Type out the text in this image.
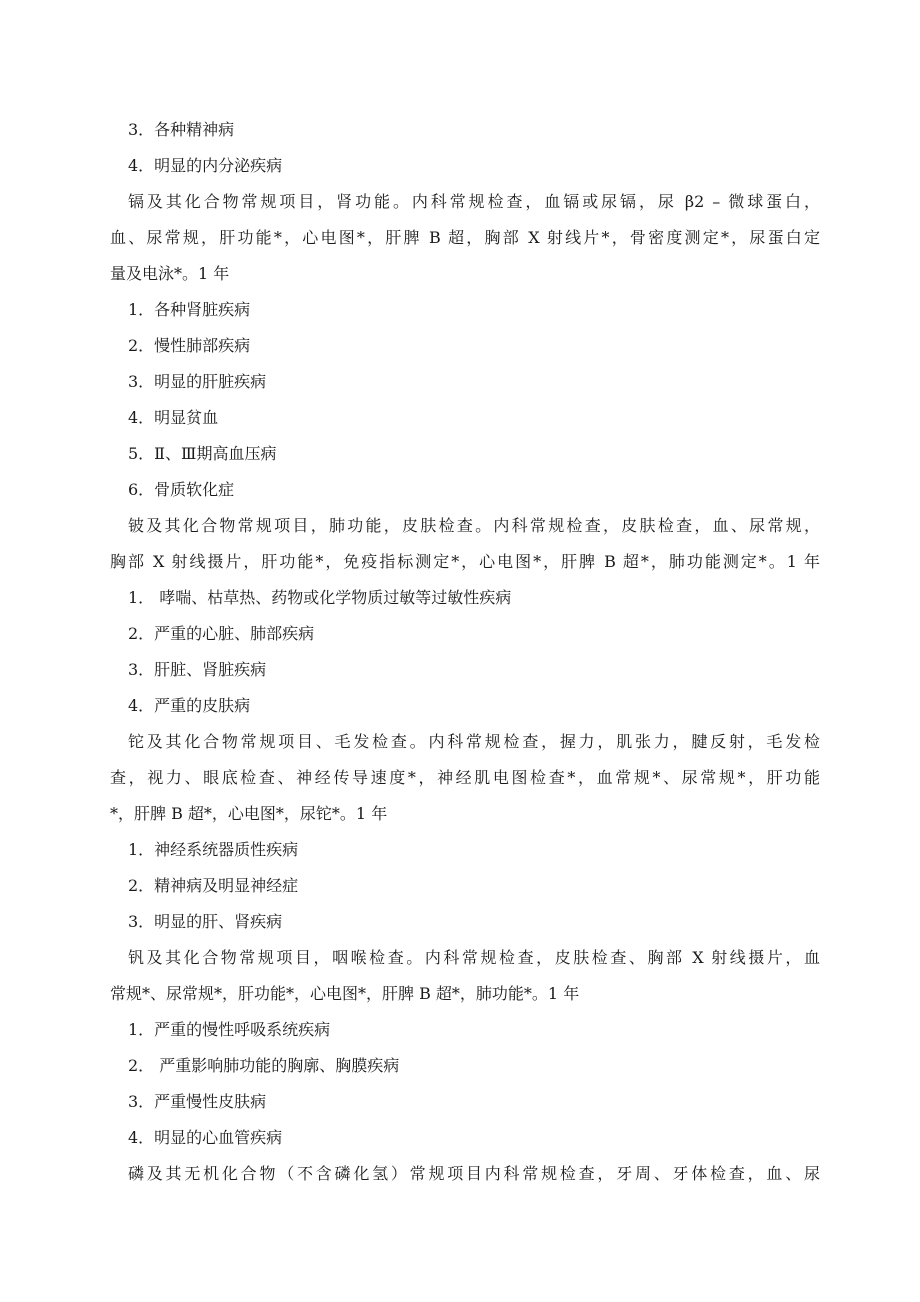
3．各种精神病
4．明显的内分泌疾病
镉及其化合物常规项目，肾功能。内科常规检查，血镉或尿镉，尿 β2 – 微球蛋白，
血、尿常规，肝功能*，心电图*，肝脾 B 超，胸部 X 射线片*，骨密度测定*，尿蛋白定
量及电泳*。1 年
1．各种肾脏疾病
2．慢性肺部疾病
3．明显的肝脏疾病
4．明显贫血
5．Ⅱ、Ⅲ期高血压病
6．骨质软化症
铍及其化合物常规项目，肺功能，皮肤检查。内科常规检查，皮肤检查，血、尿常规，
胸部 X 射线摄片，肝功能*，免疫指标测定*，心电图*，肝脾 B 超*，肺功能测定*。1 年
1． 哮喘、枯草热、药物或化学物质过敏等过敏性疾病
2．严重的心脏、肺部疾病
3．肝脏、肾脏疾病
4．严重的皮肤病
铊及其化合物常规项目、毛发检查。内科常规检查，握力，肌张力，腱反射，毛发检
查，视力、眼底检查、神经传导速度*，神经肌电图检查*，血常规*、尿常规*，肝功能
*，肝脾 B 超*，心电图*，尿铊*。1 年
1．神经系统器质性疾病
2．精神病及明显神经症
3．明显的肝、肾疾病
钒及其化合物常规项目，咽喉检查。内科常规检查，皮肤检查、胸部 X 射线摄片，血
常规*、尿常规*，肝功能*，心电图*，肝脾 B 超*，肺功能*。1 年
1．严重的慢性呼吸系统疾病
2． 严重影响肺功能的胸廓、胸膜疾病
3．严重慢性皮肤病
4．明显的心血管疾病
磷及其无机化合物（不含磷化氢）常规项目内科常规检查，牙周、牙体检查，血、尿
